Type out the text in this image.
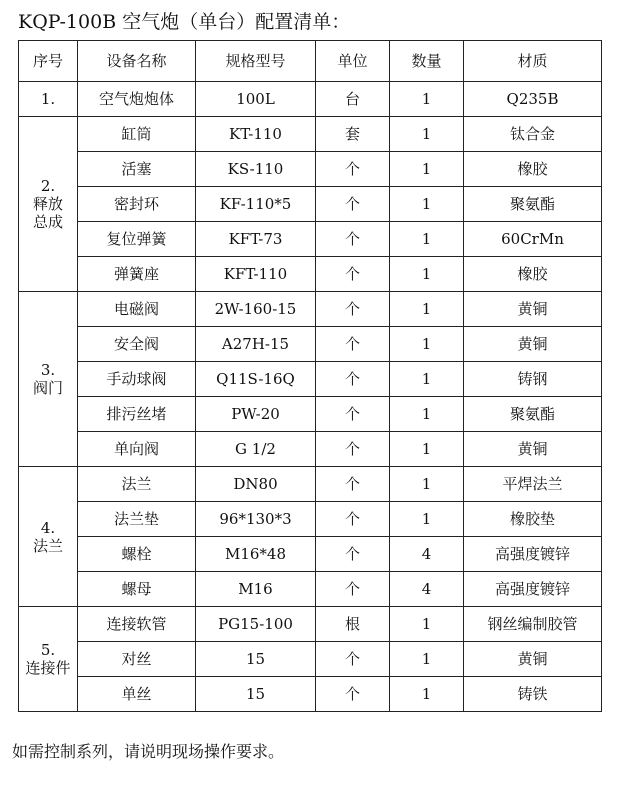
KQP-100B 空气炮（单台）配置清单：
序号	设备名称	规格型号	单位	数量	材质

1.	空气炮炮体	100L	台	1	Q235B

2.
释放
总成	缸筒	KT-110	套	1	钛合金
	活塞	KS-110	个	1	橡胶
	密封环	KF-110*5	个	1	聚氨酯
	复位弹簧	KFT-73	个	1	60CrMn
	弹簧座	KFT-110	个	1	橡胶

3.
阀门	电磁阀	2W-160-15	个	1	黄铜
	安全阀	A27H-15	个	1	黄铜
	手动球阀	Q11S-16Q	个	1	铸钢
	排污丝堵	PW-20	个	1	聚氨酯
	单向阀	G 1/2	个	1	黄铜

4.
法兰	法兰	DN80	个	1	平焊法兰
	法兰垫	96*130*3	个	1	橡胶垫
	螺栓	M16*48	个	4	高强度镀锌
	螺母	M16	个	4	高强度镀锌

5.
连接件	连接软管	PG15-100	根	1	钢丝编制胶管
	对丝	15	个	1	黄铜
	单丝	15	个	1	铸铁
如需控制系列，请说明现场操作要求。
